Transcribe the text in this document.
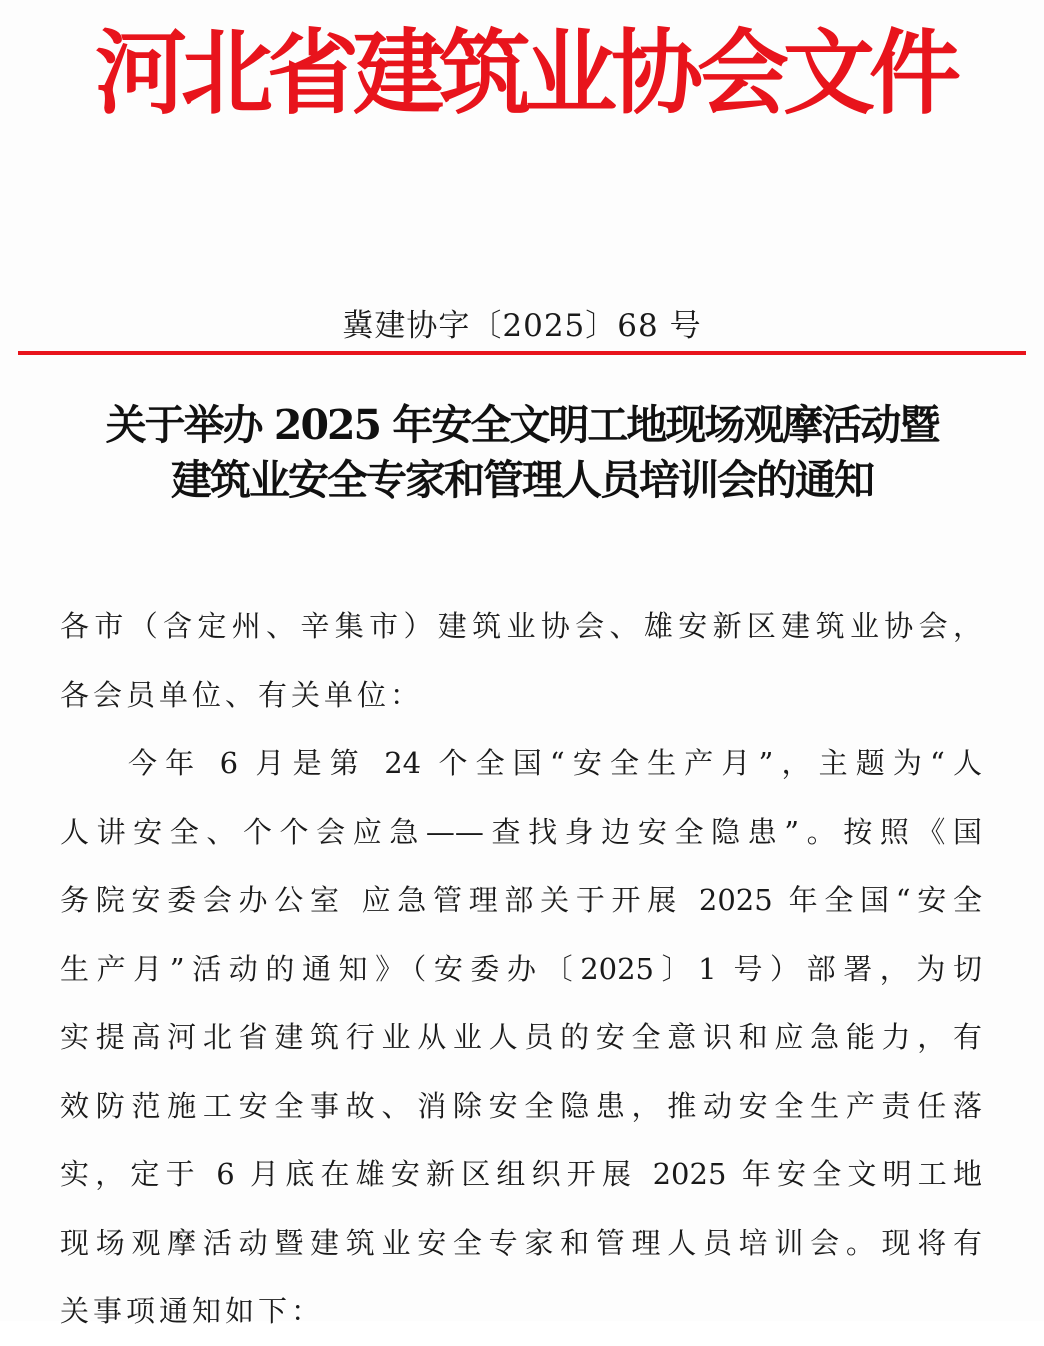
河北省建筑业协会文件
冀建协字〔2025〕68 号
关于举办 2025 年安全文明工地现场观摩活动暨
建筑业安全专家和管理人员培训会的通知
各市（含定州、辛集市）建筑业协会、雄安新区建筑业协会，
各会员单位、有关单位：
今年 6 月是第 24 个全国“安全生产月”，主题为“人
人讲安全、个个会应急——查找身边安全隐患”。按照《国
务院安委会办公室 应急管理部关于开展 2025 年全国“安全
生产月”活动的通知》（安委办〔2025〕1 号）部署，为切
实提高河北省建筑行业从业人员的安全意识和应急能力，有
效防范施工安全事故、消除安全隐患，推动安全生产责任落
实，定于 6 月底在雄安新区组织开展 2025 年安全文明工地
现场观摩活动暨建筑业安全专家和管理人员培训会。现将有
关事项通知如下：
